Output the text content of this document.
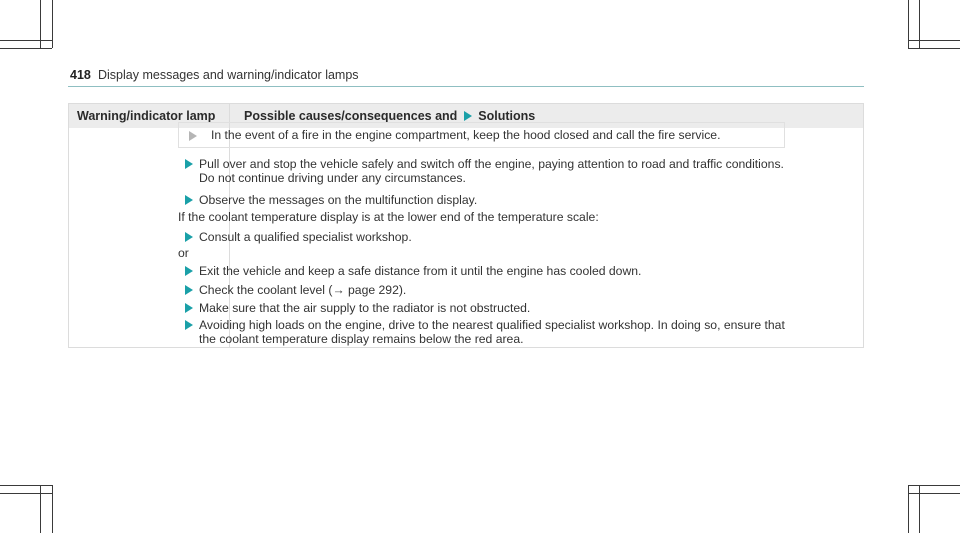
418 Display messages and warning/indicator lamps
Warning/indicator lamp Possible causes/consequences and Solutions
In the event of a fire in the engine compartment, keep the hood closed and call the fire service.
Pull over and stop the vehicle safely and switch off the engine, paying attention to road and traffic conditions. Do not continue driving under any circumstances.
Observe the messages on the multifunction display.
If the coolant temperature display is at the lower end of the temperature scale:
Consult a qualified specialist workshop.
or
Exit the vehicle and keep a safe distance from it until the engine has cooled down.
Check the coolant level (→ page 292).
Make sure that the air supply to the radiator is not obstructed.
Avoiding high loads on the engine, drive to the nearest qualified specialist workshop. In doing so, ensure that the coolant temperature display remains below the red area.
